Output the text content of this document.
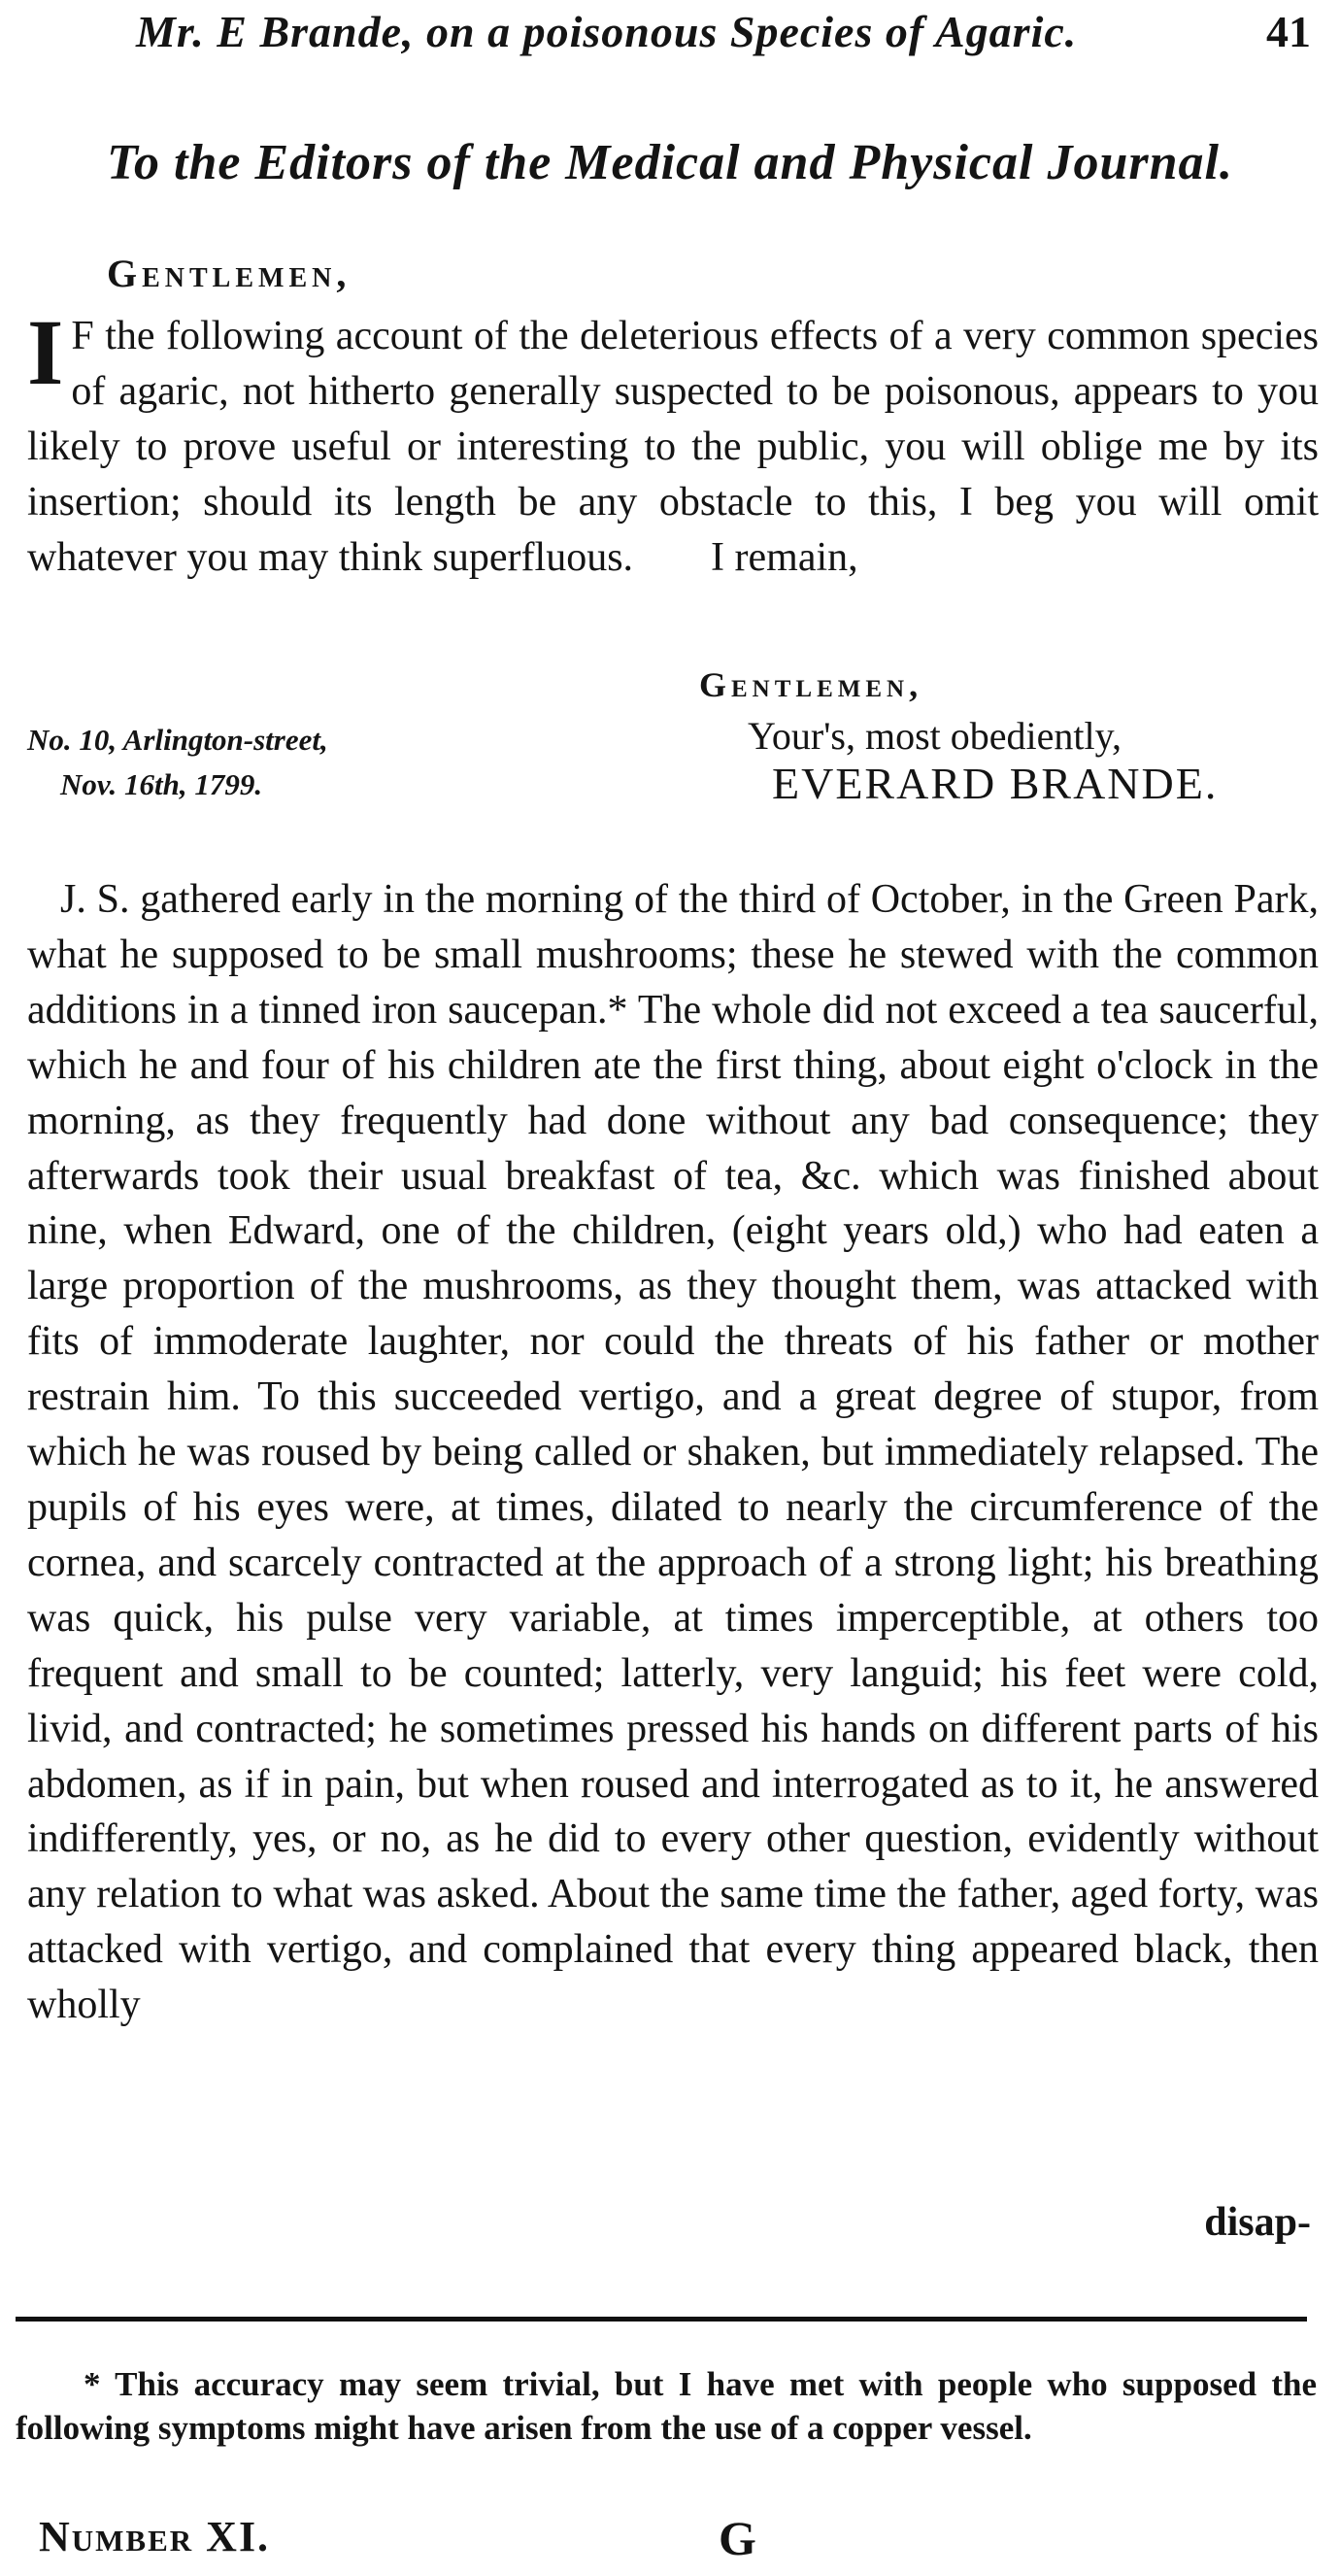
Mr. E Brande, on a poisonous Species of Agaric.	41
To the Editors of the Medical and Physical Journal.
Gentlemen,

I F the following account of the deleterious effects of a very common species of agaric, not hitherto generally suspected to be poisonous, appears to you likely to prove useful or interesting to the public, you will oblige me by its insertion; should its length be any obstacle to this, I beg you will omit whatever you may think superfluous. I remain,

Gentlemen,
No. 10, Arlington-street,
Nov. 16th, 1799.
Your's, most obediently,
EVERARD BRANDE.

J. S. gathered early in the morning of the third of October, in the Green Park, what he supposed to be small mushrooms; these he stewed with the common additions in a tinned iron saucepan.* The whole did not exceed a tea saucerful, which he and four of his children ate the first thing, about eight o'clock in the morning, as they frequently had done without any bad consequence; they afterwards took their usual breakfast of tea, &c. which was finished about nine, when Edward, one of the children, (eight years old,) who had eaten a large proportion of the mushrooms, as they thought them, was attacked with fits of immoderate laughter, nor could the threats of his father or mother restrain him. To this succeeded vertigo, and a great degree of stupor, from which he was roused by being called or shaken, but immediately relapsed. The pupils of his eyes were, at times, dilated to nearly the circumference of the cornea, and scarcely contracted at the approach of a strong light; his breathing was quick, his pulse very variable, at times imperceptible, at others too frequent and small to be counted; latterly, very languid; his feet were cold, livid, and contracted; he sometimes pressed his hands on different parts of his abdomen, as if in pain, but when roused and interrogated as to it, he answered indifferently, yes, or no, as he did to every other question, evidently without any relation to what was asked. About the same time the father, aged forty, was attacked with vertigo, and complained that every thing appeared black, then wholly

disap-

* This accuracy may seem trivial, but I have met with people who supposed the following symptoms might have arisen from the use of a copper vessel.

Number XI.	G
